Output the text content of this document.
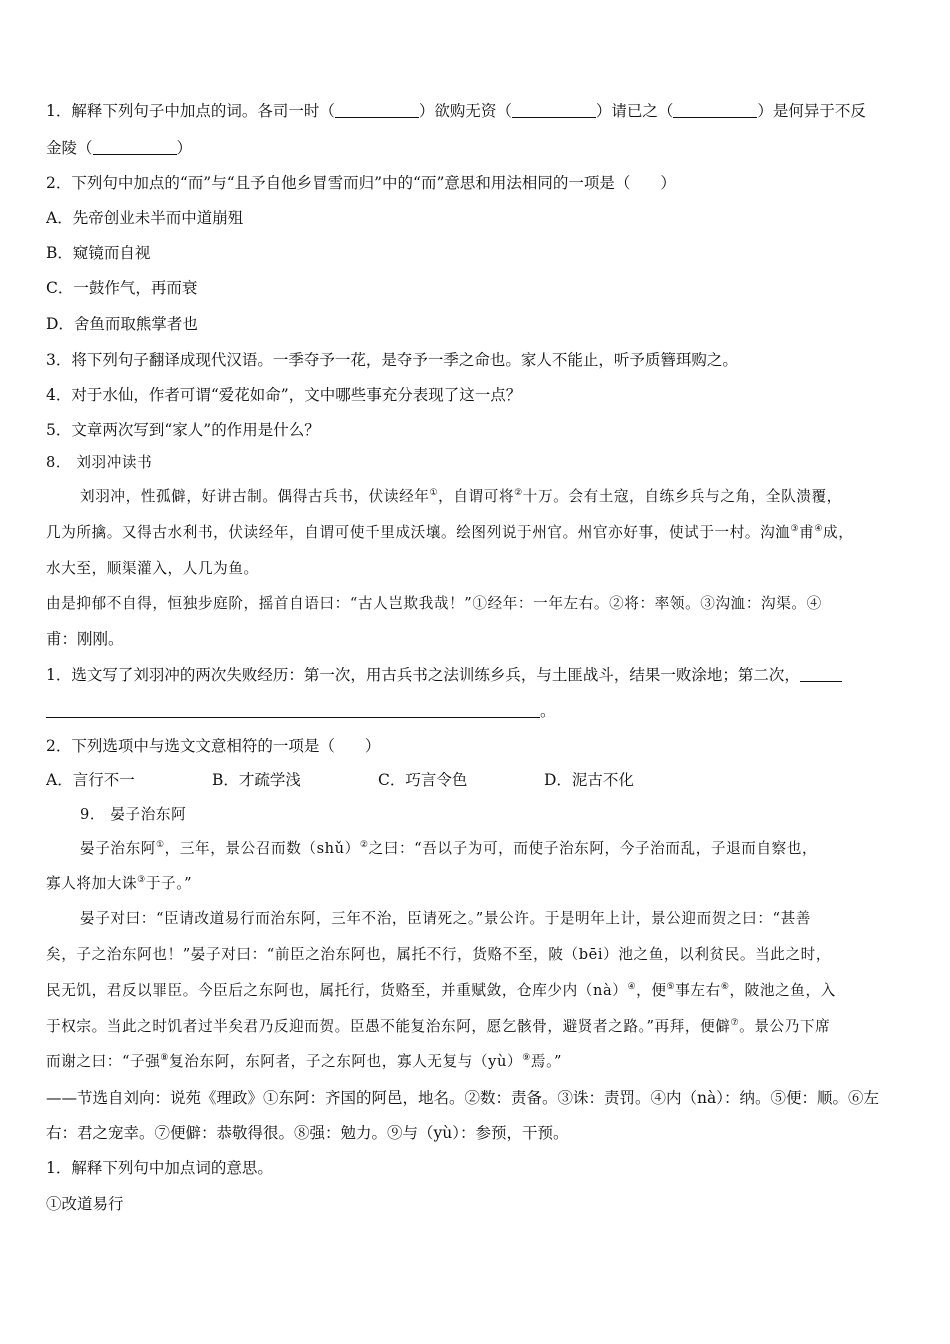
1．解释下列句子中加点的词。各司一时（	）欲购无资（	）请已之（	）是何异于不反
金陵（	）
2．下列句中加点的“而”与“且予自他乡冒雪而归”中的“而”意思和用法相同的一项是（ ）
A．先帝创业未半而中道崩殂
B．窥镜而自视
C．一鼓作气，再而衰
D．舍鱼而取熊掌者也
3．将下列句子翻译成现代汉语。一季夺予一花，是夺予一季之命也。家人不能止，听予质簪珥购之。
4．对于水仙，作者可谓“爱花如命”，文中哪些事充分表现了这一点？
5．文章两次写到“家人”的作用是什么？
8． 刘羽冲读书
刘羽冲，性孤僻，好讲古制。偶得古兵书，伏读经年①，自谓可将②十万。会有土寇，自练乡兵与之角，全队溃覆，
几为所擒。又得古水利书，伏读经年，自谓可使千里成沃壤。绘图列说于州官。州官亦好事，使试于一村。沟洫③甫④成，
水大至，顺渠灌入，人几为鱼。
由是抑郁不自得，恒独步庭阶，摇首自语曰：“古人岂欺我哉！”①经年：一年左右。②将：率领。③沟洫：沟渠。④
甫：刚刚。
1．选文写了刘羽冲的两次失败经历：第一次，用古兵书之法训练乡兵，与土匪战斗，结果一败涂地；第二次，
。
2．下列选项中与选文文意相符的一项是（ ）
A．言行不一	B．才疏学浅	C．巧言令色	D．泥古不化
9． 晏子治东阿
晏子治东阿①，三年，景公召而数（shǔ）②之曰：“吾以子为可，而使子治东阿，今子治而乱，子退而自察也，
寡人将加大诛③于子。”
晏子对曰：“臣请改道易行而治东阿，三年不治，臣请死之。”景公许。于是明年上计，景公迎而贺之曰：“甚善
矣，子之治东阿也！”晏子对曰：“前臣之治东阿也，属托不行，货赂不至，陂（bēi）池之鱼，以利贫民。当此之时，
民无饥，君反以罪臣。今臣后之东阿也，属托行，货赂至，并重赋敛，仓库少内（nà）④，便⑤事左右⑥，陂池之鱼，入
于权宗。当此之时饥者过半矣君乃反迎而贺。臣愚不能复治东阿，愿乞骸骨，避贤者之路。”再拜，便僻⑦。景公乃下席
而谢之曰：“子强⑧复治东阿，东阿者，子之东阿也，寡人无复与（yù）⑨焉。”
——节选自刘向：说苑《理政》①东阿：齐国的阿邑，地名。②数：责备。③诛：责罚。④内（nà）：纳。⑤便：顺。⑥左
右：君之宠幸。⑦便僻：恭敬得很。⑧强：勉力。⑨与（yù）：参预，干预。
1．解释下列句中加点词的意思。
①改道易行
